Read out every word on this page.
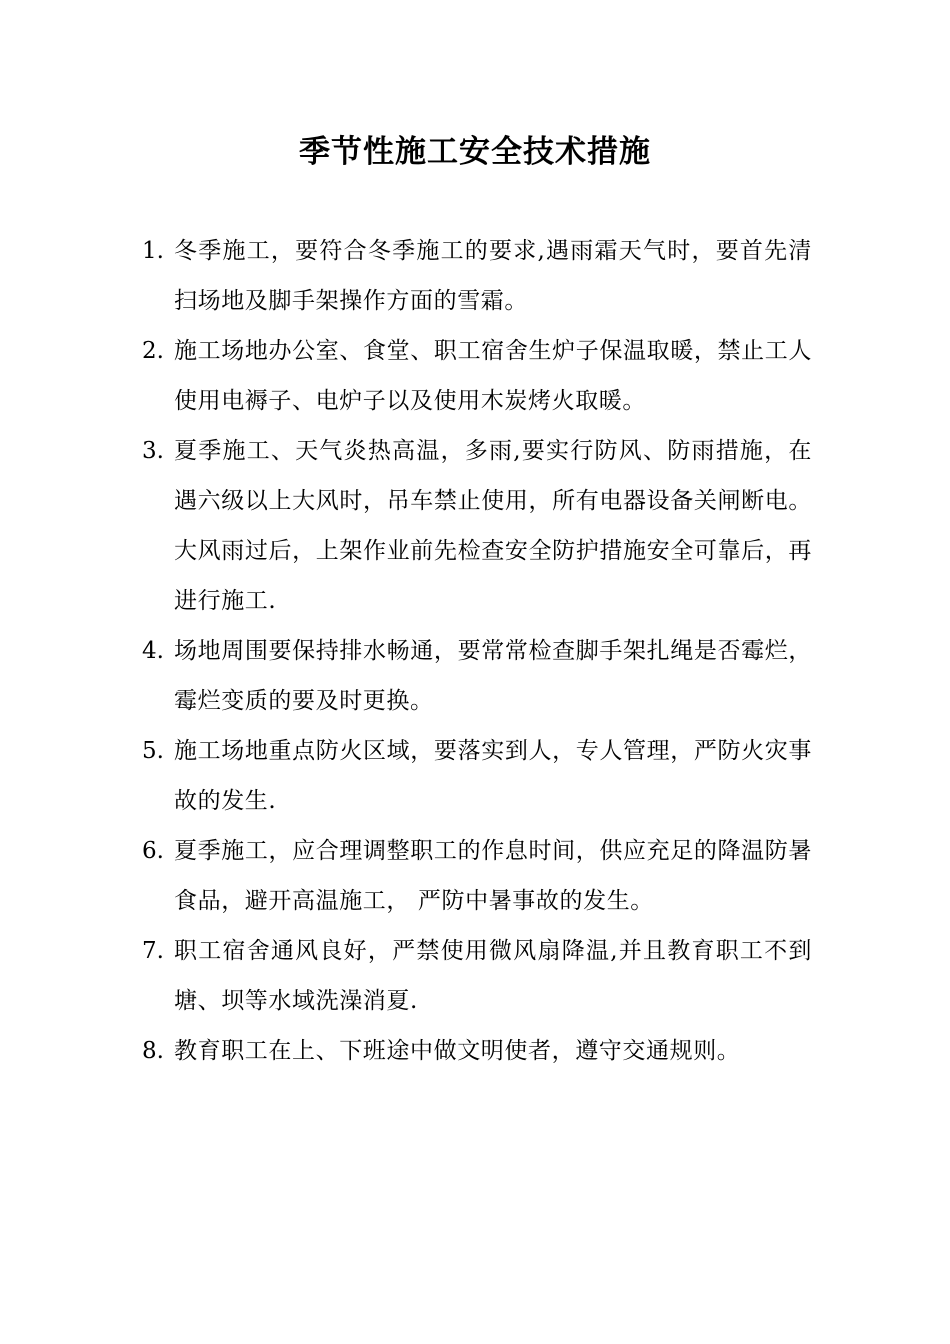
季节性施工安全技术措施
1. 冬季施工，要符合冬季施工的要求,遇雨霜天气时，要首先清扫场地及脚手架操作方面的雪霜。
2. 施工场地办公室、食堂、职工宿舍生炉子保温取暖，禁止工人使用电褥子、电炉子以及使用木炭烤火取暖。
3. 夏季施工、天气炎热高温，多雨,要实行防风、防雨措施，在遇六级以上大风时，吊车禁止使用，所有电器设备关闸断电。大风雨过后，上架作业前先检查安全防护措施安全可靠后，再进行施工.
4. 场地周围要保持排水畅通，要常常检查脚手架扎绳是否霉烂，霉烂变质的要及时更换。
5. 施工场地重点防火区域，要落实到人，专人管理，严防火灾事故的发生.
6. 夏季施工，应合理调整职工的作息时间，供应充足的降温防暑食品，避开高温施工， 严防中暑事故的发生。
7. 职工宿舍通风良好，严禁使用微风扇降温,并且教育职工不到塘、坝等水域洗澡消夏.
8. 教育职工在上、下班途中做文明使者，遵守交通规则。
